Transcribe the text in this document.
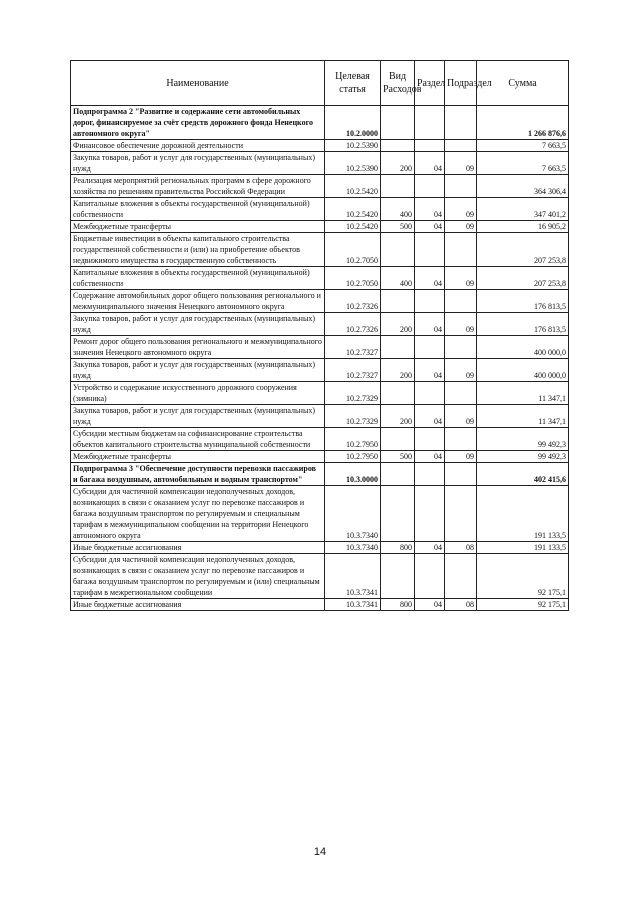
Наименование	Целевая статья	Вид Расходов	Раздел	Подраздел	Сумма
Подпрограмма 2 "Развитие и содержание сети автомобильных дорог, финансируемое за счёт средств дорожного фонда Ненецкого автономного округа"	10.2.0000				1 266 876,6
Финансовое обеспечение дорожной деятельности	10.2.5390				7 663,5
Закупка товаров, работ и услуг для государственных (муниципальных) нужд	10.2.5390	200	04	09	7 663,5
Реализация мероприятий региональных программ в сфере дорожного хозяйства по решениям правительства Российской Федерации	10.2.5420				364 306,4
Капитальные вложения в объекты государственной (муниципальной) собственности	10.2.5420	400	04	09	347 401,2
Межбюджетные трансферты	10.2.5420	500	04	09	16 905,2
Бюджетные инвестиции в объекты капитального строительства государственной собственности и (или) на приобретение объектов недвижимого имущества в государственную собственность	10.2.7050				207 253,8
Капитальные вложения в объекты государственной (муниципальной) собственности	10.2.7050	400	04	09	207 253,8
Содержание автомобильных дорог общего пользования регионального и межмуниципального значения Ненецкого автономного округа	10.2.7326				176 813,5
Закупка товаров, работ и услуг для государственных (муниципальных) нужд	10.2.7326	200	04	09	176 813,5
Ремонт дорог общего пользования регионального и межмуниципального значения Ненецкого автономного округа	10.2.7327				400 000,0
Закупка товаров, работ и услуг для государственных (муниципальных) нужд	10.2.7327	200	04	09	400 000,0
Устройство и содержание искусственного дорожного сооружения (зимника)	10.2.7329				11 347,1
Закупка товаров, работ и услуг для государственных (муниципальных) нужд	10.2.7329	200	04	09	11 347,1
Субсидии местным бюджетам на софинансирование строительства объектов капитального строительства муниципальной собственности	10.2.7950				99 492,3
Межбюджетные трансферты	10.2.7950	500	04	09	99 492,3
Подпрограмма 3 "Обеспечение доступности перевозки пассажиров и багажа воздушным, автомобильным и водным транспортом"	10.3.0000				402 415,6
Субсидии для частичной компенсации недополученных доходов, возникающих в связи с оказанием услуг по перевозке пассажиров и багажа воздушным транспортом по регулируемым и специальным тарифам в межмуниципальном сообщении на территории Ненецкого автономного округа	10.3.7340				191 133,5
Иные бюджетные ассигнования	10.3.7340	800	04	08	191 133,5
Субсидии для частичной компенсации недополученных доходов, возникающих в связи с оказанием услуг по перевозке пассажиров и багажа воздушным транспортом по регулируемым и (или) специальным тарифам в межрегиональном сообщении	10.3.7341				92 175,1
Иные бюджетные ассигнования	10.3.7341	800	04	08	92 175,1
14
